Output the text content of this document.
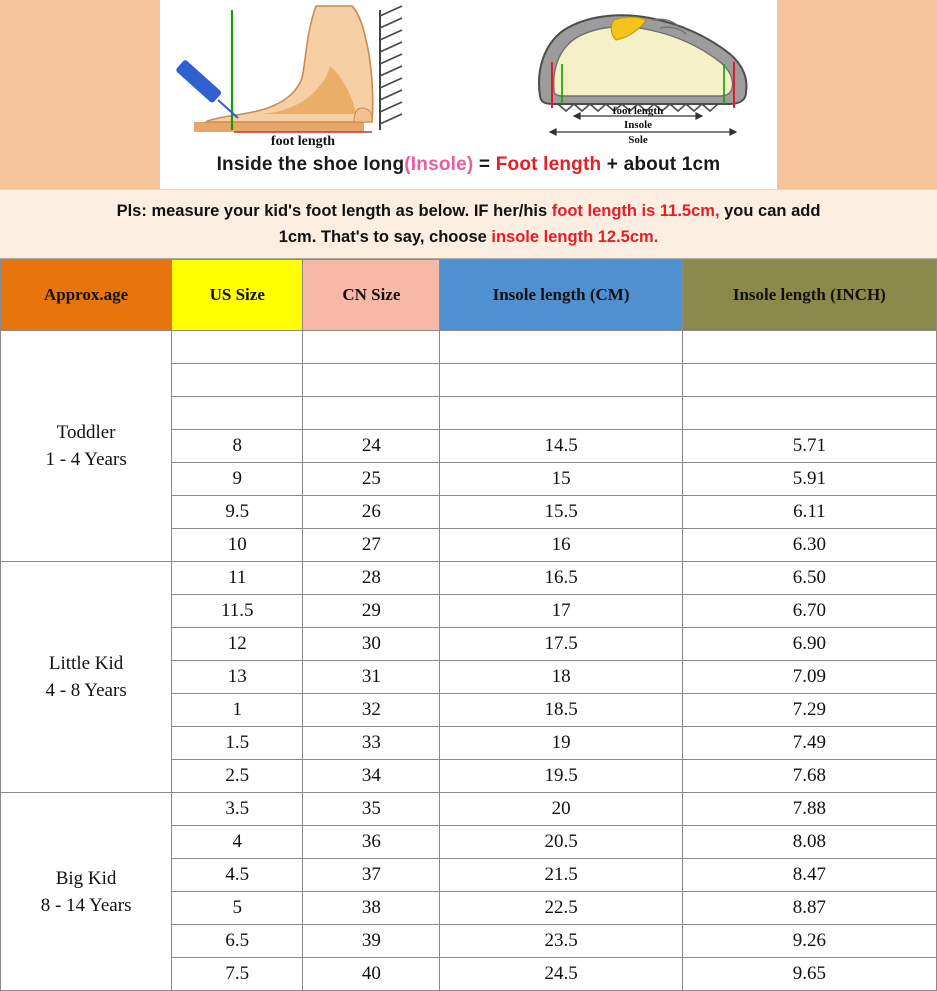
foot length
foot length
Insole
Sole
Inside the shoe long(Insole) = Foot length + about 1cm
Pls: measure your kid's foot length as below. IF her/his foot length is 11.5cm, you can add
1cm. That's to say, choose insole length 12.5cm.
Approx.age	US Size	CN Size	Insole length (CM)	Insole length (INCH)

Toddler
1 - 4 Years				

	8	24	14.5	5.71
	9	25	15	5.91
	9.5	26	15.5	6.11
	10	27	16	6.30

Little Kid
4 - 8 Years	11	28	16.5	6.50
	11.5	29	17	6.70
	12	30	17.5	6.90
	13	31	18	7.09
	1	32	18.5	7.29
	1.5	33	19	7.49
	2.5	34	19.5	7.68

Big Kid
8 - 14 Years	3.5	35	20	7.88
	4	36	20.5	8.08
	4.5	37	21.5	8.47
	5	38	22.5	8.87
	6.5	39	23.5	9.26
	7.5	40	24.5	9.65
